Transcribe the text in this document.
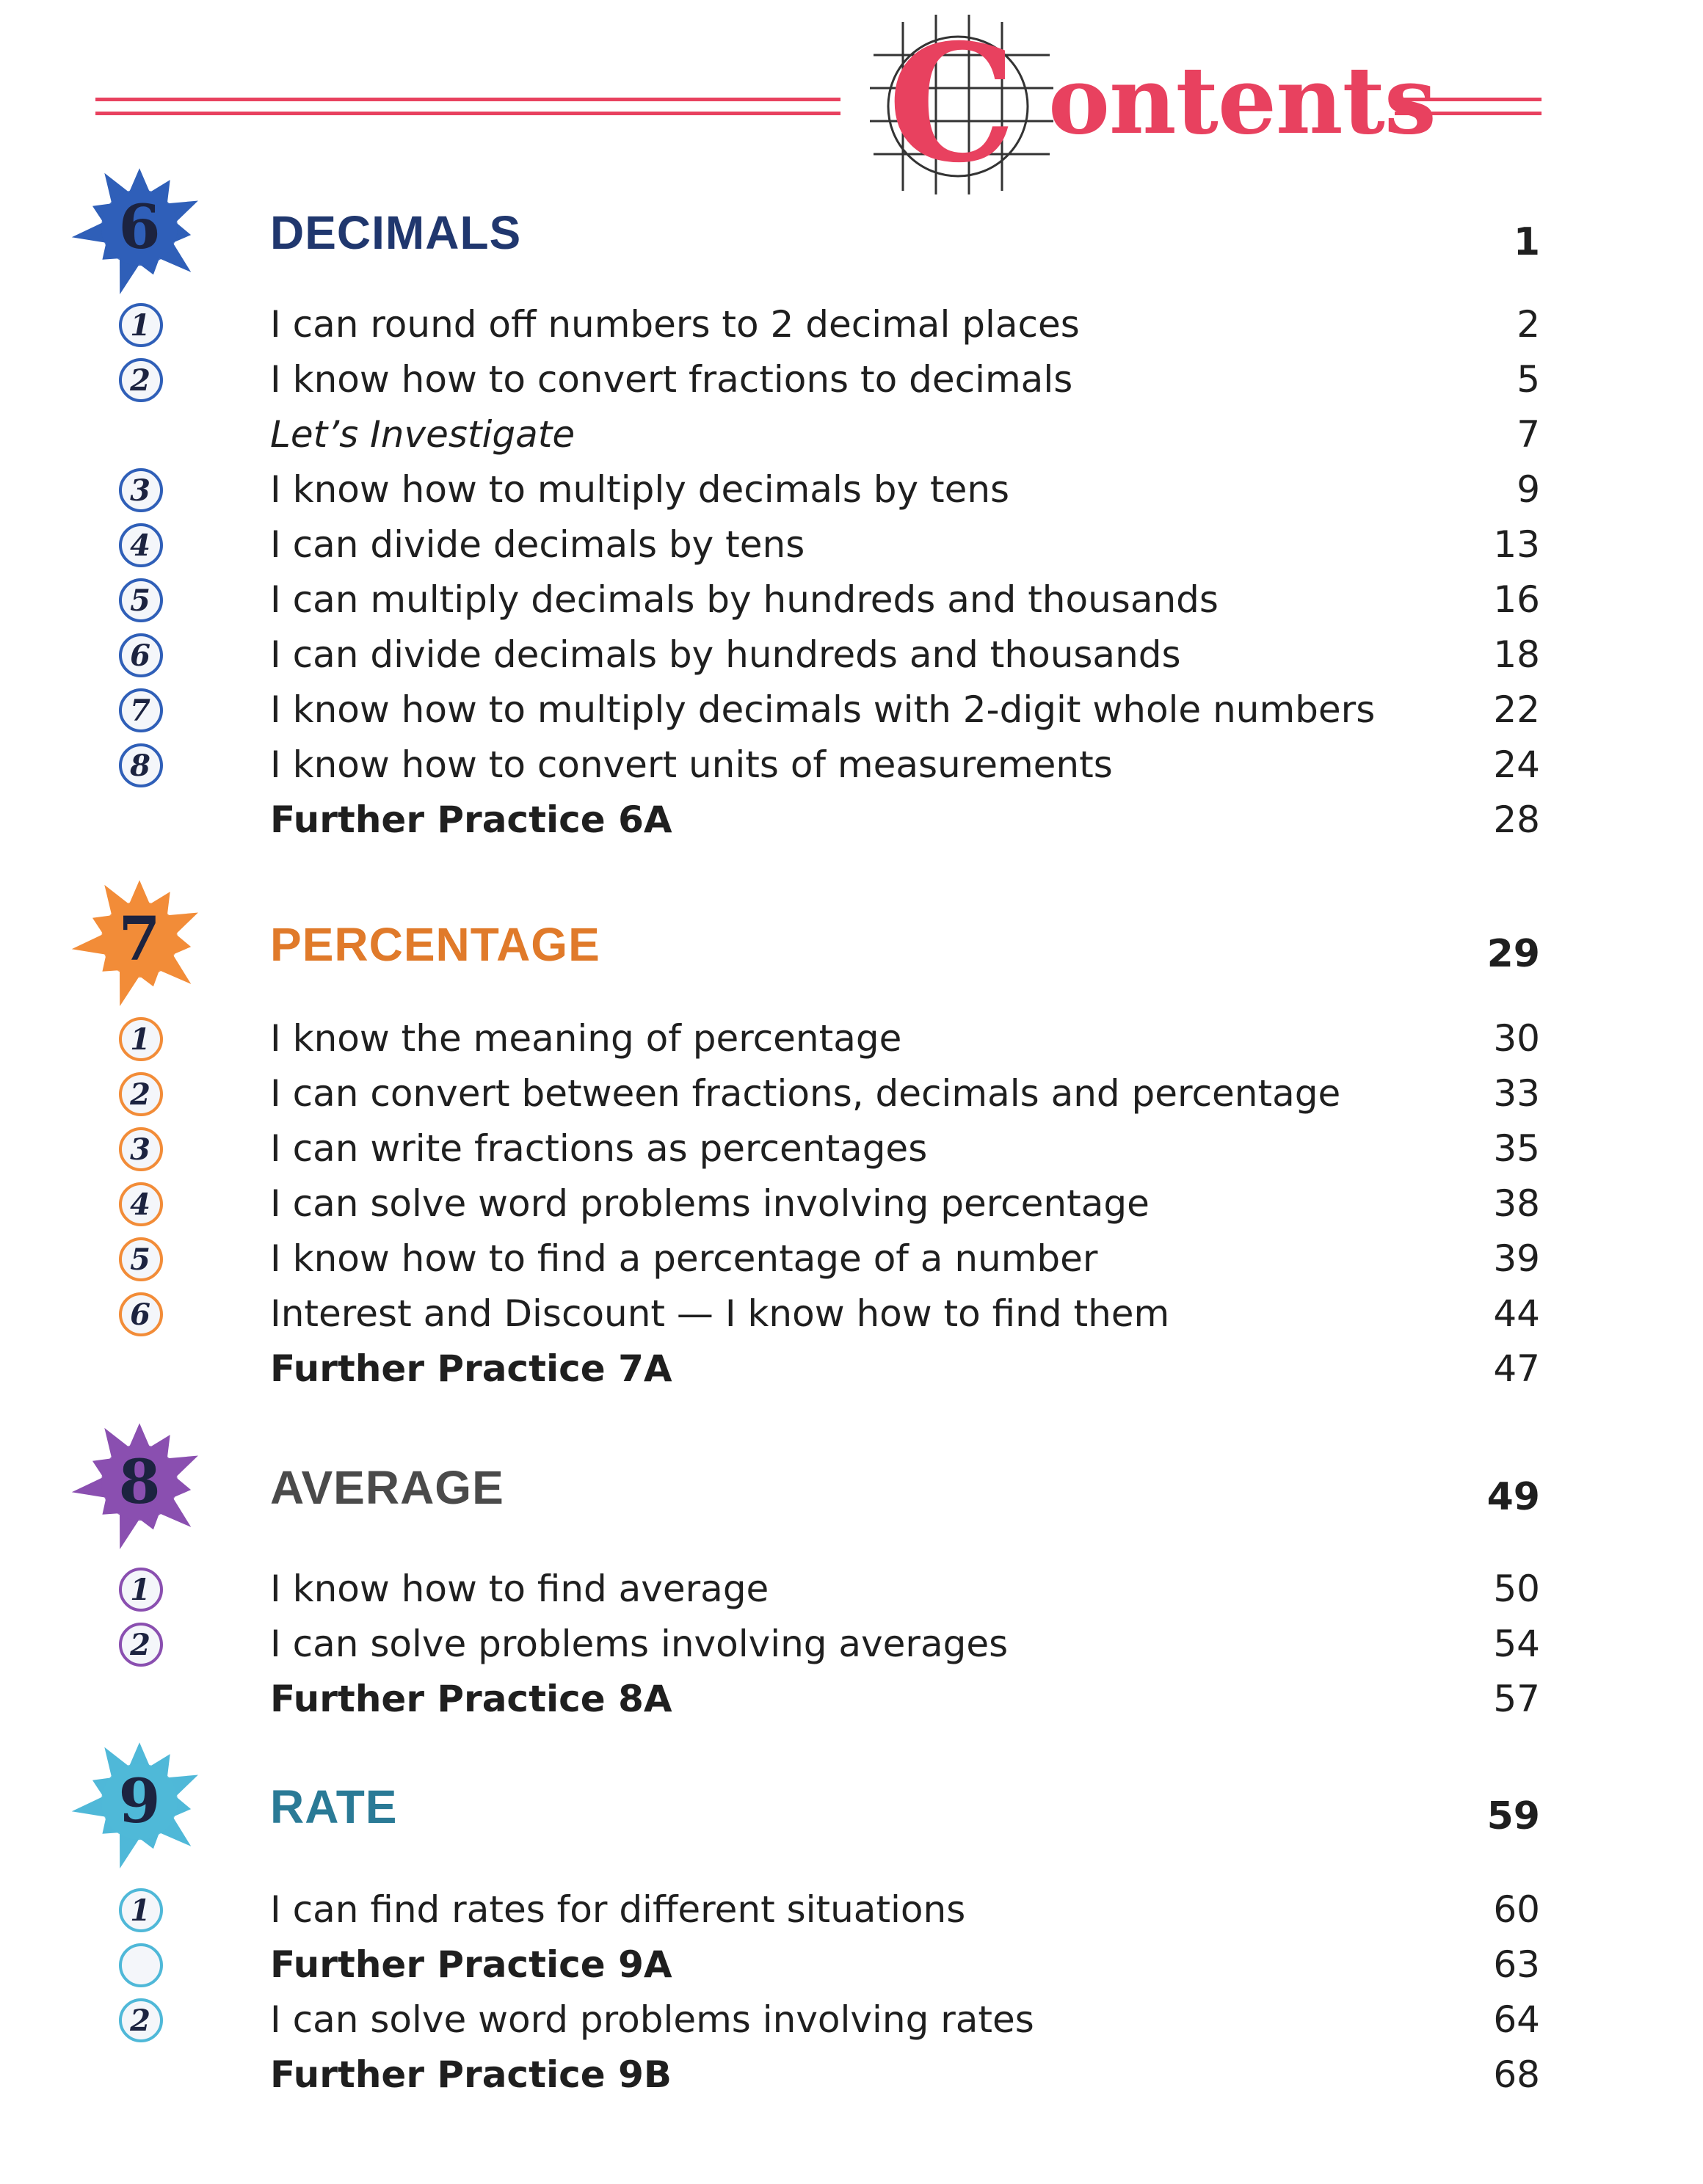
C ontents
6 DECIMALS	1
1	I can round off numbers to 2 decimal places	2
2	I know how to convert fractions to decimals	5
Let’s Investigate	7
3	I know how to multiply decimals by tens	9
4	I can divide decimals by tens	13
5	I can multiply decimals by hundreds and thousands	16
6	I can divide decimals by hundreds and thousands	18
7	I know how to multiply decimals with 2-digit whole numbers	22
8	I know how to convert units of measurements	24
Further Practice 6A	28
7 PERCENTAGE	29
1	I know the meaning of percentage	30
2	I can convert between fractions, decimals and percentage	33
3	I can write fractions as percentages	35
4	I can solve word problems involving percentage	38
5	I know how to find a percentage of a number	39
6	Interest and Discount — I know how to find them	44
Further Practice 7A	47
8 AVERAGE	49
1	I know how to find average	50
2	I can solve problems involving averages	54
Further Practice 8A	57
9 RATE	59
1	I can find rates for different situations	60
Further Practice 9A	63
2	I can solve word problems involving rates	64
Further Practice 9B	68
